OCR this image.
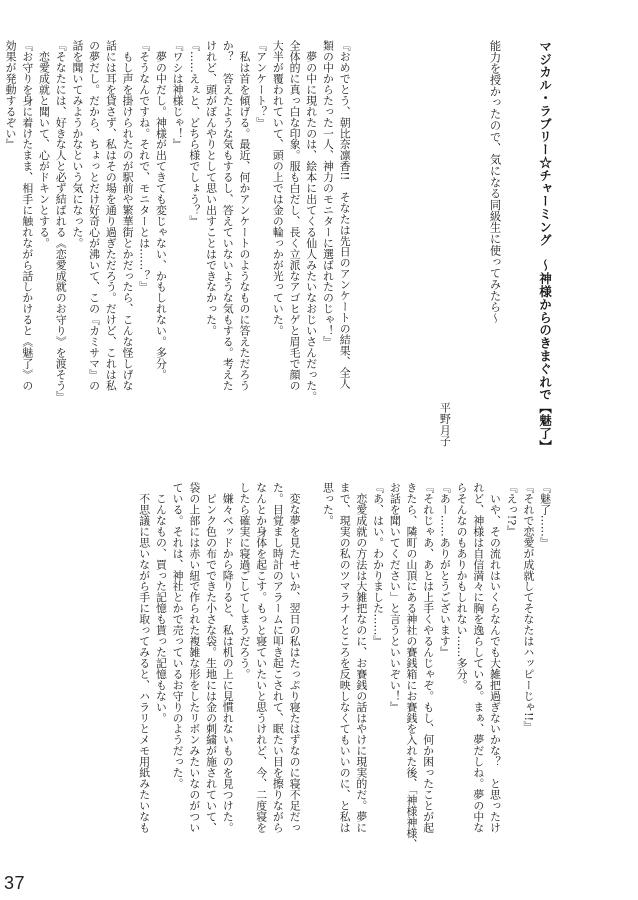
マジカル・ラブリー☆チャーミング　～神様からのきまぐれで【魅了】

能力を授かったので、気になる同級生に使ってみたら～

平野月子

『おめでとう、朝比奈凛香!!　そなたは先日のアンケートの結果、全人
類の中からたった一人、神力のモニターに選ばれたのじゃ！』
　夢の中に現れたのは、絵本に出てくる仙人みたいなおじいさんだった。
全体的に真っ白な印象。服も白だし、長く立派なアゴヒゲと眉毛で顔の
大半が覆われていて、頭の上では金の輪っかが光っていた。
『アンケート？』
　私は首を傾げる。最近、何かアンケートのようなものに答えただろう
か？　答えたような気もするし、答えていないような気もする。考えた
けれど、頭がぼんやりとして思い出すことはできなかった。
『……えぇと、どちら様でしょう？』
『ワシは神様じゃ！』
　夢の中だし。神様が出てきても変じゃない、かもしれない。多分。
『そうなんですね。それで、モニターとは……？』
　もし声を掛けられたのが駅前や繁華街とかだったら、こんな怪しげな
話には耳を貸さず、私はその場を通り過ぎただろう。だけど、これは私
の夢だし。だから、ちょっとだけ好奇心が沸いて、この『カミサマ』の
話を聞いてみようかなという気になった。
『そなたには、好きな人と必ず結ばれる《恋愛成就のお守り》を渡そう』
　恋愛成就と聞いて、心がドキンとする。
『お守りを身に着けたまま、相手に触れながら話しかけると《魅了》の
効果が発動するぞい』

『魅了……』
『それで恋愛が成就してそなたはハッピーじゃ!!』
『えっ!?』
　いや、その流れはいくらなんでも大雑把過ぎないかな？　と思ったけ
れど、神様は自信満々に胸を逸らしている。まぁ、夢だしね。夢の中な
らそんなのもありかもしれない……多分。
『あー……ありがとうございます』
『それじゃあ、あとは上手くやるんじゃぞ。もし、何か困ったことが起
きたら、隣町の山頂にある神社の賽銭箱にお賽銭を入れた後、「神様神様、
お話を聞いてください」と言うといいぞい！』
『あ、はい。わかりました……』
　恋愛成就の方法は大雑把なのに、お賽銭の話はやけに現実的だ。夢に
まで、現実の私のツマラナイところを反映しなくてもいいのに、と私は
思った。

　変な夢を見たせいか、翌日の私はたっぷり寝たはずなのに寝不足だっ
た。目覚まし時計のアラームに叩き起こされて、眠たい目を擦りながら
なんとか身体を起こす。もっと寝ていたいと思うけれど、今、二度寝を
したら確実に寝過ごしてしまうだろう。
　嫌々ベッドから降りると、私は机の上に見慣れないものを見つけた。
　ピンク色の布でできた小さな袋。生地には金の刺繍が施されていて、
袋の上部には赤い紐で作られた複雑な形をしたリボンみたいなのがつい
ている。それは、神社とかで売っているお守りのようだった。
　こんなもの、買った記憶も貰った記憶もない。
　不思議に思いながら手に取ってみると、ハラリとメモ用紙みたいなも

37
